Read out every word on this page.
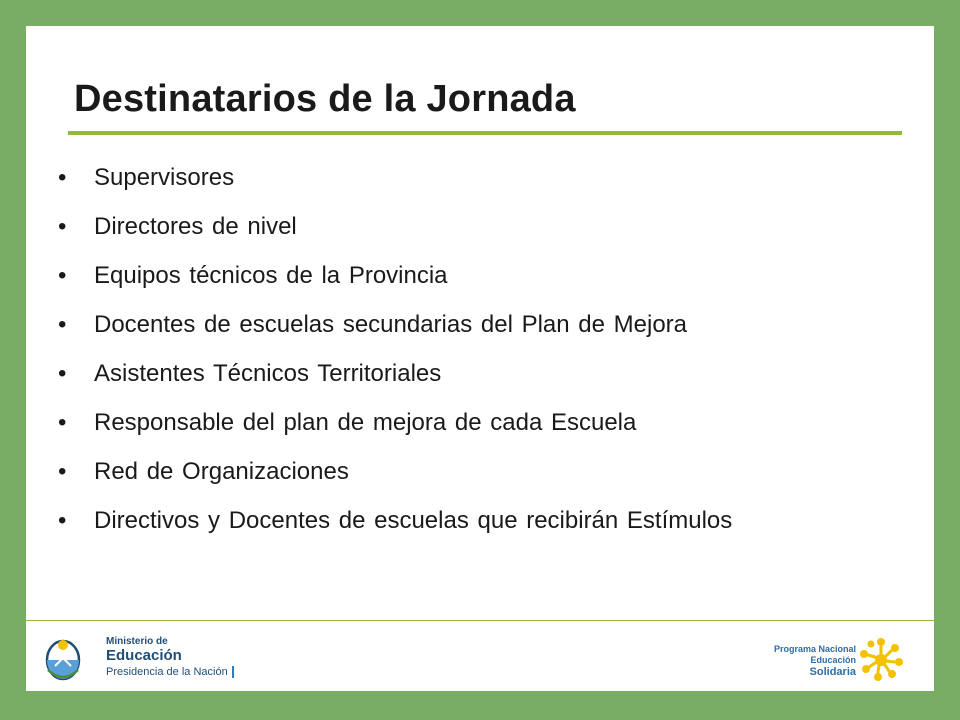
Destinatarios de la Jornada
• Supervisores
• Directores de nivel
• Equipos técnicos de la Provincia
• Docentes de escuelas secundarias del Plan de Mejora
• Asistentes Técnicos Territoriales
• Responsable del plan de mejora de cada Escuela
• Red de Organizaciones
• Directivos y Docentes de escuelas que recibirán Estímulos
Ministerio de
Educación
Presidencia de la Nación
Programa Nacional
Educación
Solidaria
